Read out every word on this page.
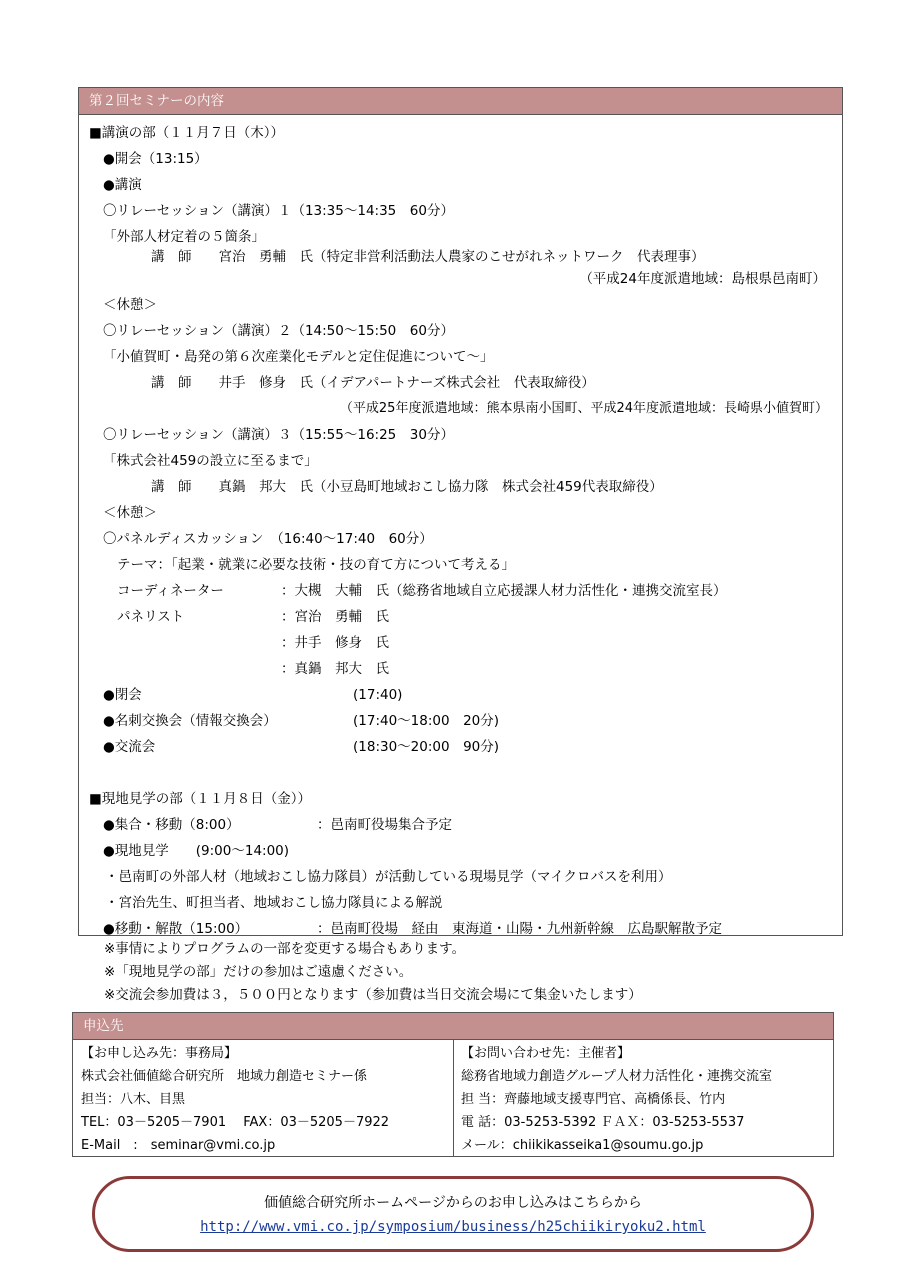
第２回セミナーの内容
■講演の部（１１月７日（木））
●開会（13:15）
●講演
〇リレーセッション（講演）１（13:35～14:35　60分）
「外部人材定着の５箇条」
講　師　　宮治　勇輔　氏（特定非営利活動法人農家のこせがれネットワーク　代表理事）
（平成24年度派遣地域：島根県邑南町）
＜休憩＞
〇リレーセッション（講演）２（14:50～15:50　60分）
「小値賀町・島発の第６次産業化モデルと定住促進について～」
講　師　　井手　修身　氏（イデアパートナーズ株式会社　代表取締役）
（平成25年度派遣地域：熊本県南小国町、平成24年度派遣地域：長崎県小値賀町）
〇リレーセッション（講演）３（15:55～16:25　30分）
「株式会社459の設立に至るまで」
講　師　　真鍋　邦大　氏（小豆島町地域おこし協力隊　株式会社459代表取締役）
＜休憩＞
〇パネルディスカッション　（16:40～17:40　60分）
テーマ：「起業・就業に必要な技術・技の育て方について考える」
コーディネーター	：大槻　大輔　氏（総務省地域自立応援課人材力活性化・連携交流室長）
パネリスト	：宮治　勇輔　氏
：井手　修身　氏
：真鍋　邦大　氏
●閉会	(17:40)
●名刺交換会（情報交換会）	(17:40～18:00　20分)
●交流会	(18:30～20:00　90分)
■現地見学の部（１１月８日（金））
●集合・移動（8:00）	：邑南町役場集合予定
●現地見学　　(9:00～14:00)
・邑南町の外部人材（地域おこし協力隊員）が活動している現場見学（マイクロバスを利用）
・宮治先生、町担当者、地域おこし協力隊員による解説
●移動・解散（15:00）	：邑南町役場　経由　東海道・山陽・九州新幹線　広島駅解散予定
※事情によりプログラムの一部を変更する場合もあります。
※「現地見学の部」だけの参加はご遠慮ください。
※交流会参加費は３，５００円となります（参加費は当日交流会場にて集金いたします）
申込先
【お申し込み先：事務局】
株式会社価値総合研究所　地域力創造セミナー係
担当：八木、目黒
TEL：03－5205－7901　 FAX：03－5205－7922
E-Mail　:　seminar@vmi.co.jp
【お問い合わせ先：主催者】
総務省地域力創造グループ人材力活性化・連携交流室
担 当：齊藤地域支援専門官、高橋係長、竹内
電 話：03-5253-5392 ＦＡＸ：03-5253-5537
メール：chiikikasseika1@soumu.go.jp
価値総合研究所ホームページからのお申し込みはこちらから
http://www.vmi.co.jp/symposium/business/h25chiikiryoku2.html
